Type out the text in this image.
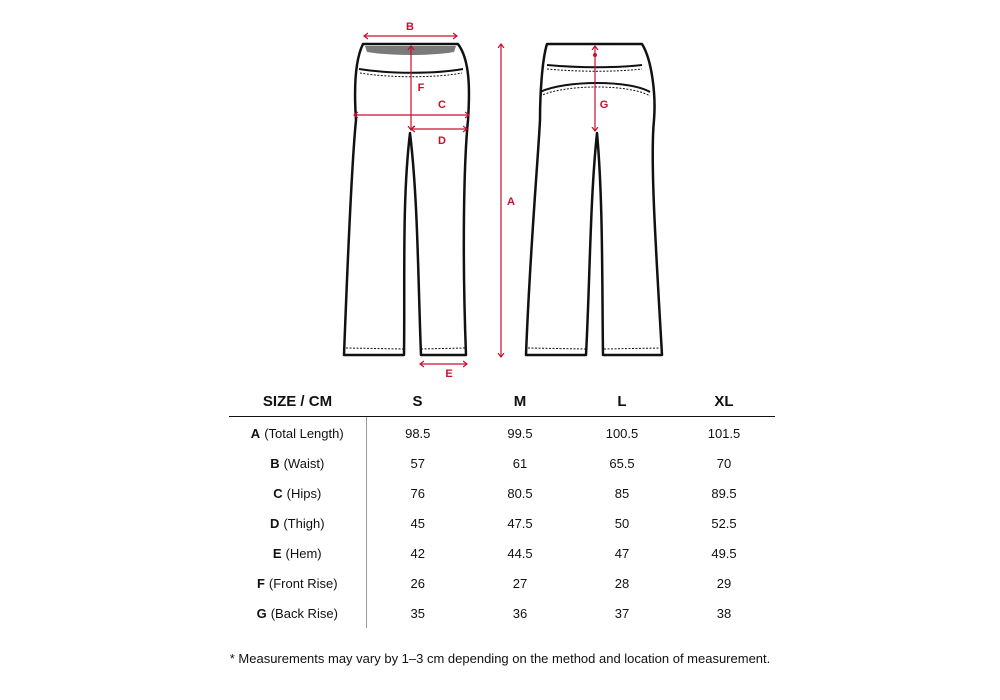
B
F
C
D
A
E
G
SIZE / CM	S	M	L	XL
A (Total Length)	98.5	99.5	100.5	101.5
B (Waist)	57	61	65.5	70
C (Hips)	76	80.5	85	89.5
D (Thigh)	45	47.5	50	52.5
E (Hem)	42	44.5	47	49.5
F (Front Rise)	26	27	28	29
G (Back Rise)	35	36	37	38
* Measurements may vary by 1–3 cm depending on the method and location of measurement.
